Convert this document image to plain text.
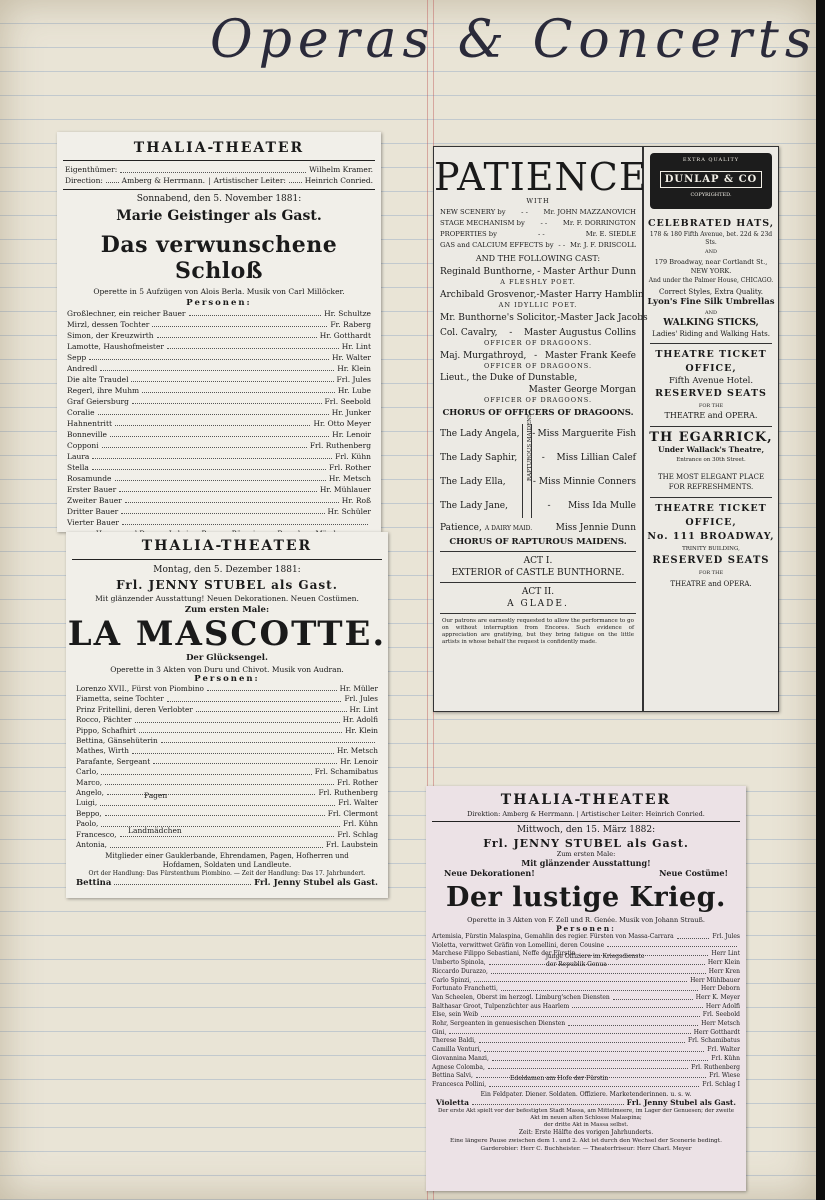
Operas & Concerts
THALIA-THEATER
Eigenthümer:	Wilhelm Kramer.
Direction:	Amberg & Herrmann. | Artistischer Leiter:	Heinrich Conried.
Sonnabend, den 5. November 1881:
Marie Geistinger als Gast.
Das verwunschene Schloß
Operette in 5 Aufzügen von Alois Berla. Musik von Carl Millöcker.
Personen:
Großlechner, ein reicher Bauer	Hr. Schultze
Mirzl, dessen Tochter	Fr. Raberg
Simon, der Kreuzwirth	Hr. Gotthardt
Lamotte, Haushofmeister	Hr. Lint
Sepp	Hr. Walter
Andredl	Hr. Klein
Die alte Traudel	Frl. Jules
Regerl, ihre Muhm	Hr. Lube
Graf Geiersburg	Frl. Seebold
Coralie	Hr. Junker
Hahnentritt	Hr. Otto Meyer
Bonneville	Hr. Lenoir
Copponi	Frl. Ruthenberg
Laura	Frl. Kühn
Stella	Frl. Rother
Rosamunde	Hr. Metsch
Erster Bauer	Hr. Mühlauer
Zweiter Bauer	Hr. Roß
Dritter Bauer	Hr. Schüler
Vierter Bauer
THALIA-THEATER
Montag, den 5. Dezember 1881:
Frl. JENNY STUBEL als Gast.
Mit glänzender Ausstattung! Neuen Dekorationen. Neuen Costümen.
Zum ersten Male:
LA MASCOTTE.
Der Glücksengel.
Operette in 3 Akten von Duru und Chivot. Musik von Audran.
Personen:
Pagen
Landmädchen
Lorenzo XVII., Fürst von Piombino	Hr. Müller
Fiametta, seine Tochter	Frl. Jules
Prinz Fritellini, deren Verlobter	Hr. Lint
Rocco, Pächter	Hr. Adolfi
Pippo, Schafhirt	Hr. Klein
Bettina, Gänsehüterin
Mathes, Wirth	Hr. Metsch
Parafante, Sergeant	Hr. Lenoir
Carlo,	Frl. Schamibatus
Marco,	Frl. Rother
Angelo,	Frl. Ruthenberg
Luigi,	Frl. Walter
Beppo,	Frl. Clermont
Paolo,	Frl. Kühn
Francesco,	Frl. Schlag
Antonia,	Frl. Laubstein
Mitglieder einer Gauklerbande, Ehrendamen, Pagen, Hofherren und
Hofdamen, Soldaten und Landleute.
Ort der Handlung: Das Fürstenthum Piombino. — Zeit der Handlung: Das 17. Jahrhundert.
Bettina	Frl. Jenny Stubel als Gast.
PATIENCE
WITH
NEW SCENERY by	- -	Mr. JOHN MAZZANOVICH
STAGE MECHANISM by	- -	Mr. F. DORRINGTON
PROPERTIES by	- -	Mr. E. SIEDLE
GAS and CALCIUM EFFECTS by - - Mr. J. F. DRISCOLL
AND THE FOLLOWING CAST:
Reginald Bunthorne, - Master Arthur Dunn
A FLESHLY POET.
Archibald Grosvenor, - Master Harry Hamblin
AN IDYLLIC POET.
Mr. Bunthorne's Solicitor, - Master Jack Jacobs
Col. Cavalry,	-	Master Augustus Collins
OFFICER OF DRAGOONS.
Maj. Murgathroyd, - Master Frank Keefe
OFFICER OF DRAGOONS.
Lieut., the Duke of Dunstable,
Master George Morgan
OFFICER OF DRAGOONS.
CHORUS OF OFFICERS OF DRAGOONS.
The Lady Angela,	- Miss Marguerite Fish
The Lady Saphir,	-	Miss Lillian Calef
The Lady Ella,	- Miss Minnie Conners
The Lady Jane,	-	Miss Ida Mulle
RAPTUROUS MAIDENS
Patience, A DAIRY MAID.	Miss Jennie Dunn
CHORUS OF RAPTUROUS MAIDENS.
ACT I.
EXTERIOR of CASTLE BUNTHORNE.
ACT II.
A GLADE.
Our patrons are earnestly requested to allow the performance to go on without interruption from Encores. Such evidence of appreciation are gratifying, but they bring fatigue on the little artists in whose behalf the request is confidently made.
EXTRA QUALITY
DUNLAP & CO
COPYRIGHTED.
CELEBRATED HATS,
178 & 180 Fifth Avenue, bet. 22d & 23d Sts.
AND
179 Broadway, near Cortlandt St.,
NEW YORK.
And under the Palmer House, CHICAGO.
Correct Styles, Extra Quality.
Lyon's Fine Silk Umbrellas
AND
WALKING STICKS,
Ladies' Riding and Walking Hats.
THEATRE TICKET OFFICE,
Fifth Avenue Hotel.
RESERVED SEATS
FOR THE
THEATRE and OPERA.
TH EGARRICK,
Under Wallack's Theatre,
Entrance on 30th Street.
THE MOST ELEGANT PLACE
FOR REFRESHMENTS.
THEATRE TICKET OFFICE,
No. 111 BROADWAY,
TRINITY BUILDING,
RESERVED SEATS
FOR THE
THEATRE and OPERA.
THALIA-THEATER
Direktion: Amberg & Herrmann. | Artistischer Leiter: Heinrich Conried.
Mittwoch, den 15. März 1882:
Frl. JENNY STUBEL als Gast.
Zum ersten Male:
Mit glänzender Ausstattung!
Neue Dekorationen!	Neue Costüme!
Der lustige Krieg.
Operette in 3 Akten von F. Zell und R. Genée. Musik von Johann Strauß.
Personen:
junge Offiziere im Kriegsdienste der Republik Genua
Edeldamen am Hofe der Fürstin
Artemisia, Fürstin Malaspina, Gemahlin des regier. Fürsten von Massa-Carrara	Frl. Jules
Violetta, verwittwet Gräfin von Lomellini, deren Cousine
Marchese Filippo Sebastiani, Neffe der Fürstin	Herr Lint
Umberto Spinola,	Herr Klein
Riccardo Durazzo,	Herr Kren
Carlo Spinzi,	Herr Mühlbauer
Fortunato Franchetti,	Herr Deborn
Van Scheelen, Oberst im herzogl. Limburg'schen Diensten	Herr K. Meyer
Balthasar Groot, Tulpenzüchter aus Haarlem	Herr Adolfi
Else, sein Weib	Frl. Seebold
Rohr, Sergeanten in genuesischen Diensten	Herr Metsch
Gini,	Herr Gotthardt
Therese Baldi,	Frl. Schamibatus
Camilla Venturi,	Frl. Walter
Giovannina Manzi,	Frl. Kühn
Agnese Colomba,	Frl. Ruthenberg
Bettina Salvi,	Frl. Wiese
Francesca Pollini,	Frl. Schlag I
Ein Feldpater. Diener. Soldaten. Offiziere. Marketenderinnen. u. s. w.
Violetta	Frl. Jenny Stubel als Gast.
Der erste Akt spielt vor der befestigten Stadt Massa, am Mittelmeere, im Lager der Genuesen; der zweite Akt im neuen alten Schlosse Malaspina;
der dritte Akt in Massa selbst.
Zeit: Erste Hälfte des vorigen Jahrhunderts.
Eine längere Pause zwischen dem 1. und 2. Akt ist durch den Wechsel der Scenerie bedingt.
Garderobier: Herr C. Buchheister. — Theaterfriseur: Herr Charl. Meyer
